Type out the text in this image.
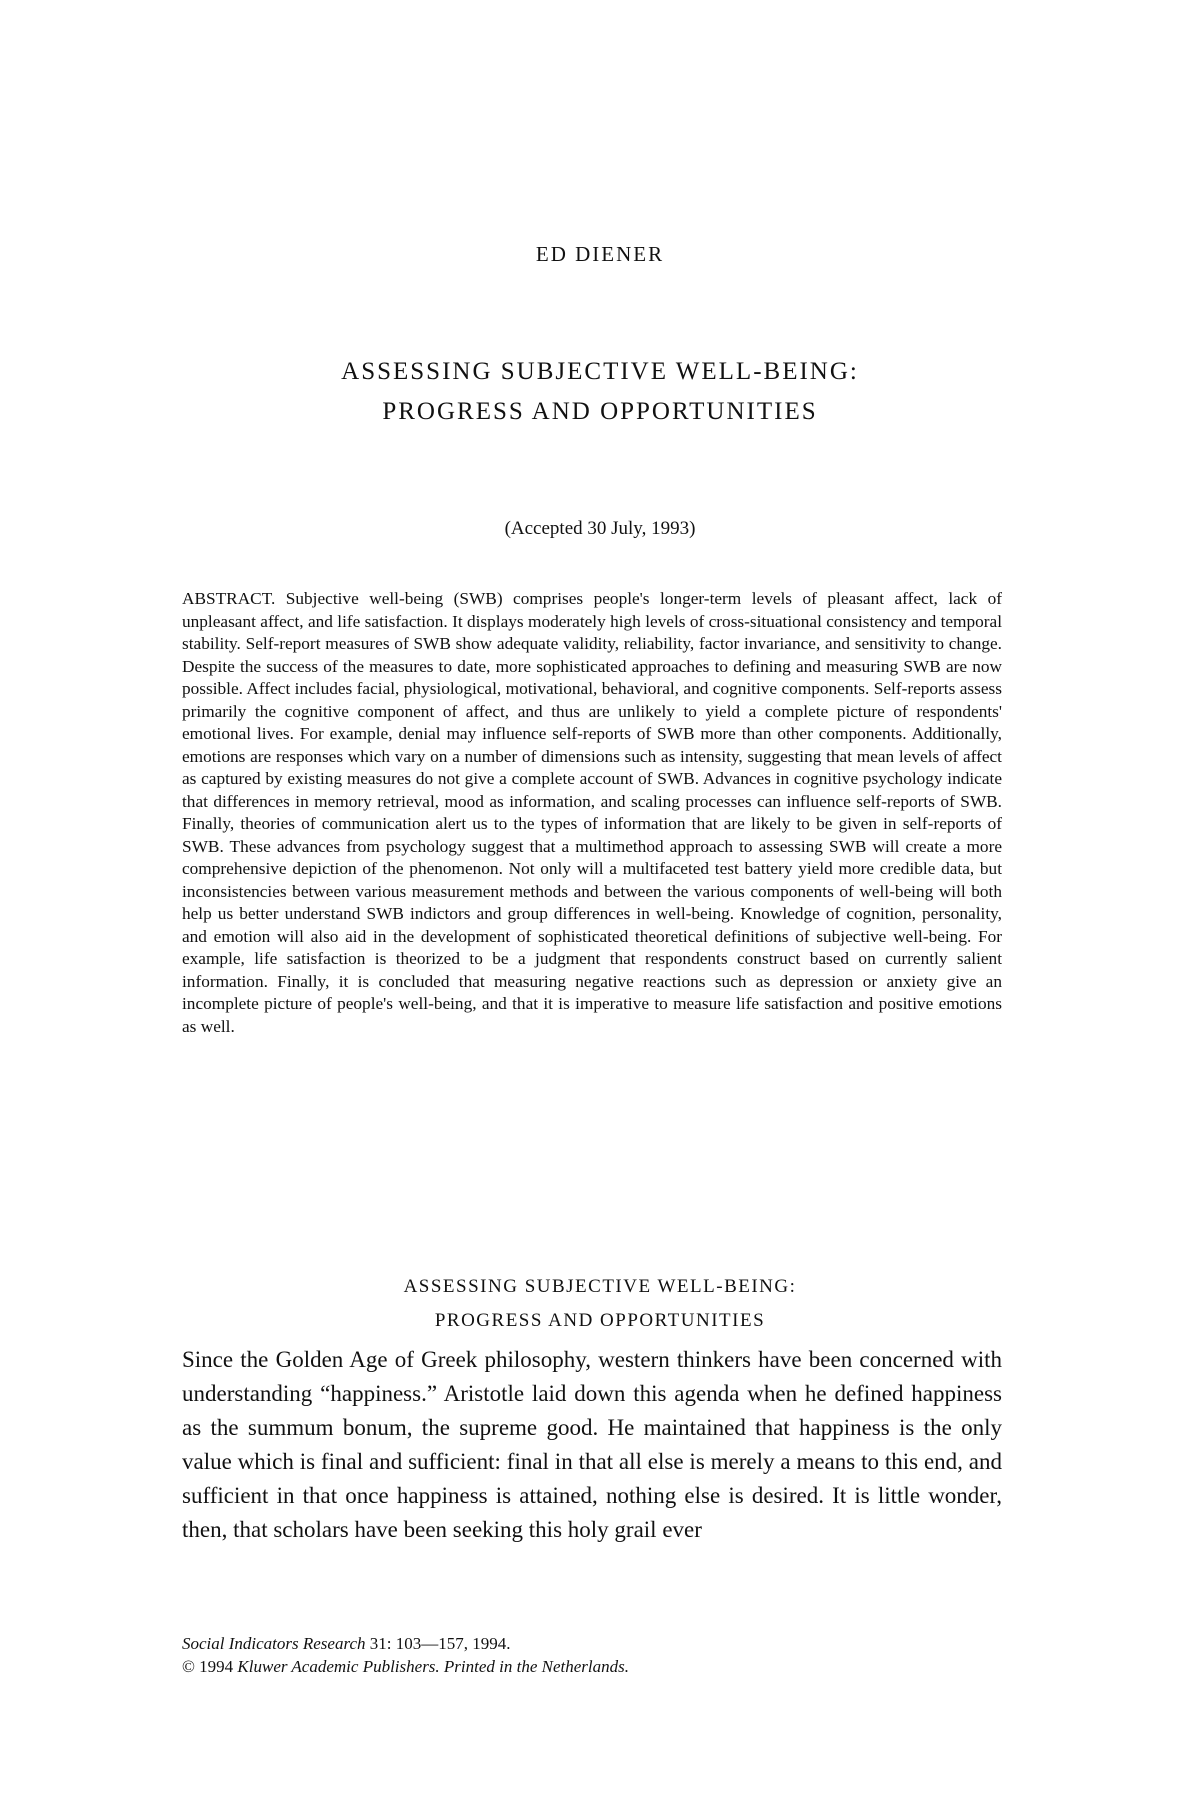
ED DIENER
ASSESSING SUBJECTIVE WELL-BEING:
PROGRESS AND OPPORTUNITIES
(Accepted 30 July, 1993)

ABSTRACT. Subjective well-being (SWB) comprises people's longer-term levels of pleasant affect, lack of unpleasant affect, and life satisfaction. It displays moderately high levels of cross-situational consistency and temporal stability. Self-report measures of SWB show adequate validity, reliability, factor invariance, and sensitivity to change. Despite the success of the measures to date, more sophisticated approaches to defining and measuring SWB are now possible. Affect includes facial, physiological, motivational, behavioral, and cognitive components. Self-reports assess primarily the cognitive component of affect, and thus are unlikely to yield a complete picture of respondents' emotional lives. For example, denial may influence self-reports of SWB more than other components. Additionally, emotions are responses which vary on a number of dimensions such as intensity, suggesting that mean levels of affect as captured by existing measures do not give a complete account of SWB. Advances in cognitive psychology indicate that differences in memory retrieval, mood as information, and scaling processes can influence self-reports of SWB. Finally, theories of communication alert us to the types of information that are likely to be given in self-reports of SWB. These advances from psychology suggest that a multimethod approach to assessing SWB will create a more comprehensive depiction of the phenomenon. Not only will a multifaceted test battery yield more credible data, but inconsistencies between various measurement methods and between the various components of well-being will both help us better understand SWB indictors and group differences in well-being. Knowledge of cognition, personality, and emotion will also aid in the development of sophisticated theoretical definitions of subjective well-being. For example, life satisfaction is theorized to be a judgment that respondents construct based on currently salient information. Finally, it is concluded that measuring negative reactions such as depression or anxiety give an incomplete picture of people's well-being, and that it is imperative to measure life satisfaction and positive emotions as well.

ASSESSING SUBJECTIVE WELL-BEING:
PROGRESS AND OPPORTUNITIES

Since the Golden Age of Greek philosophy, western thinkers have been concerned with understanding “happiness.” Aristotle laid down this agenda when he defined happiness as the summum bonum, the supreme good. He maintained that happiness is the only value which is final and sufficient: final in that all else is merely a means to this end, and sufficient in that once happiness is attained, nothing else is desired. It is little wonder, then, that scholars have been seeking this holy grail ever

Social Indicators Research 31: 103—157, 1994.
© 1994 Kluwer Academic Publishers. Printed in the Netherlands.
